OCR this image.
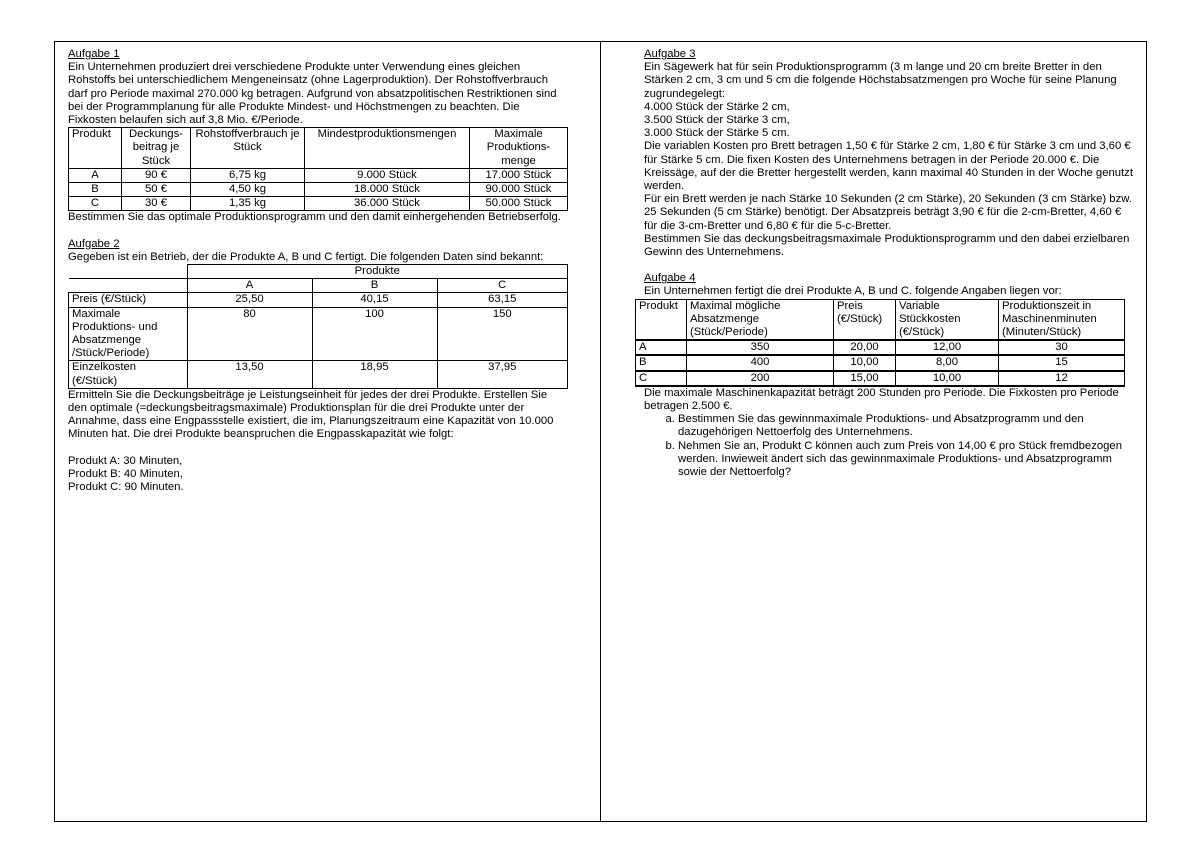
Aufgabe 1

Ein Unternehmen produziert drei verschiedene Produkte unter Verwendung eines gleichen Rohstoffs bei unterschiedlichem Mengeneinsatz (ohne Lagerproduktion). Der Rohstoffverbrauch darf pro Periode maximal 270.000 kg betragen. Aufgrund von absatzpolitischen Restriktionen sind bei der Programmplanung für alle Produkte Mindest- und Höchstmengen zu beachten. Die Fixkosten belaufen sich auf 3,8 Mio. €/Periode.

Produkt	Deckungs-beitrag je Stück	Rohstoffverbrauch je Stück	Mindestproduktionsmengen	Maximale Produktions-menge
A	90 €	6,75 kg	9.000 Stück	17.000 Stück
B	50 €	4,50 kg	18.000 Stück	90.000 Stück
C	30 €	1,35 kg	36.000 Stück	50.000 Stück

Bestimmen Sie das optimale Produktionsprogramm und den damit einhergehenden Betriebserfolg.

Aufgabe 2

Gegeben ist ein Betrieb, der die Produkte A, B und C fertigt. Die folgenden Daten sind bekannt:

	Produkte		
	A	B	C
Preis (€/Stück)	25,50	40,15	63,15
Maximale Produktions- und Absatzmenge /Stück/Periode)	80	100	150
Einzelkosten (€/Stück)	13,50	18,95	37,95

Ermitteln Sie die Deckungsbeiträge je Leistungseinheit für jedes der drei Produkte. Erstellen Sie den optimale (=deckungsbeitragsmaximale) Produktionsplan für die drei Produkte unter der Annahme, dass eine Engpassstelle existiert, die im, Planungszeitraum eine Kapazität von 10.000 Minuten hat. Die drei Produkte beanspruchen die Engpasskapazität wie folgt:

Produkt A: 30 Minuten,

Produkt B: 40 Minuten,

Produkt C: 90 Minuten.

Aufgabe 3

Ein Sägewerk hat für sein Produktionsprogramm (3 m lange und 20 cm breite Bretter in den Stärken 2 cm, 3 cm und 5 cm die folgende Höchstabsatzmengen pro Woche für seine Planung zugrundegelegt:

4.000 Stück der Stärke 2 cm,

3.500 Stück der Stärke 3 cm,

3.000 Stück der Stärke 5 cm.

Die variablen Kosten pro Brett betragen 1,50 € für Stärke 2 cm, 1,80 € für Stärke 3 cm und 3,60 € für Stärke 5 cm. Die fixen Kosten des Unternehmens betragen in der Periode 20.000 €. Die Kreissäge, auf der die Bretter hergestellt werden, kann maximal 40 Stunden in der Woche genutzt werden.

Für ein Brett werden je nach Stärke 10 Sekunden (2 cm Stärke), 20 Sekunden (3 cm Stärke) bzw. 25 Sekunden (5 cm Stärke) benötigt. Der Absatzpreis beträgt 3,90 € für die 2-cm-Bretter, 4,60 € für die 3-cm-Bretter und 6,80 € für die 5-c-Bretter.

Bestimmen Sie das deckungsbeitragsmaximale Produktionsprogramm und den dabei erzielbaren Gewinn des Unternehmens.

Aufgabe 4

Ein Unternehmen fertigt die drei Produkte A, B und C. folgende Angaben liegen vor:

Produkt	Maximal mögliche Absatzmenge (Stück/Periode)	Preis (€/Stück)	Variable Stückkosten (€/Stück)	Produktionszeit in Maschinenminuten (Minuten/Stück)
A	350	20,00	12,00	30
B	400	10,00	8,00	15
C	200	15,00	10,00	12

Die maximale Maschinenkapazität beträgt 200 Stunden pro Periode. Die Fixkosten pro Periode betragen 2.500 €.

a. Bestimmen Sie das gewinnmaximale Produktions- und Absatzprogramm und den dazugehörigen Nettoerfolg des Unternehmens.
b. Nehmen Sie an, Produkt C können auch zum Preis von 14,00 € pro Stück fremdbezogen werden. Inwieweit ändert sich das gewinnmaximale Produktions- und Absatzprogramm sowie der Nettoerfolg?
